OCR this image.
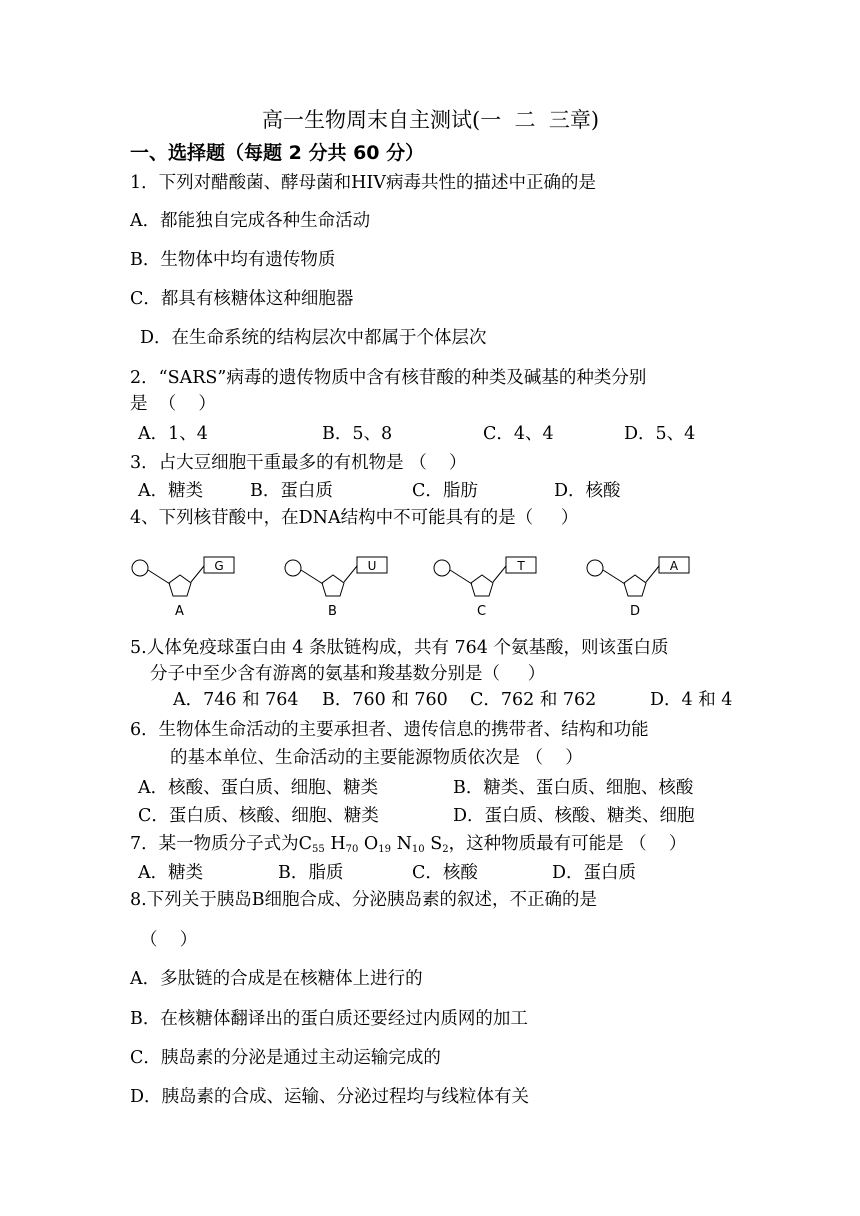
高一生物周末自主测试(一  二  三章)
一、选择题（每题 2 分共 60 分）
1．下列对醋酸菌、酵母菌和HIV病毒共性的描述中正确的是
A．都能独自完成各种生命活动
B．生物体中均有遗传物质
C．都具有核糖体这种细胞器
D．在生命系统的结构层次中都属于个体层次
2．“SARS”病毒的遗传物质中含有核苷酸的种类及碱基的种类分别
是  （    ）
A．1、4	B．5、8	C．4、4	D．5、4
3．占大豆细胞干重最多的有机物是 （    ）
A．糖类	B．蛋白质	C．脂肪	D．核酸
4、下列核苷酸中，在DNA结构中不可能具有的是（     ）
G
A
U
B
T
C
A
D
5.人体免疫球蛋白由 4 条肽链构成，共有 764 个氨基酸，则该蛋白质
分子中至少含有游离的氨基和羧基数分别是（     ）
A．746 和 764 B．760 和 760 C．762 和 762	D．4 和 4
6．生物体生命活动的主要承担者、遗传信息的携带者、结构和功能
的基本单位、生命活动的主要能源物质依次是 （    ）
A．核酸、蛋白质、细胞、糖类	B．糖类、蛋白质、细胞、核酸
C．蛋白质、核酸、细胞、糖类	D．蛋白质、核酸、糖类、细胞
7．某一物质分子式为$C_{55}$ $H_{70}$ $O_{19}$ $N_{10}$ $S_2$，这种物质最有可能是 （    ）
A．糖类	B．脂质	C．核酸	D．蛋白质
8.下列关于胰岛B细胞合成、分泌胰岛素的叙述，不正确的是
（    ）
A．多肽链的合成是在核糖体上进行的
B．在核糖体翻译出的蛋白质还要经过内质网的加工
C．胰岛素的分泌是通过主动运输完成的
D．胰岛素的合成、运输、分泌过程均与线粒体有关
